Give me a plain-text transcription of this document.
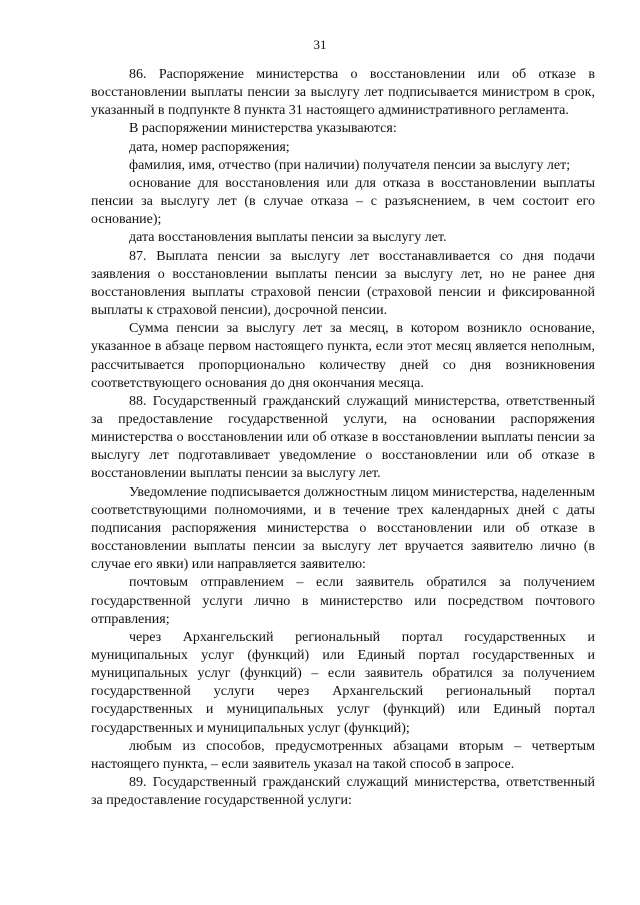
31

86. Распоряжение министерства о восстановлении или об отказе в восстановлении выплаты пенсии за выслугу лет подписывается министром в срок, указанный в подпункте 8 пункта 31 настоящего административного регламента.

В распоряжении министерства указываются:

дата, номер распоряжения;

фамилия, имя, отчество (при наличии) получателя пенсии за выслугу лет;

основание для восстановления или для отказа в восстановлении выплаты пенсии за выслугу лет (в случае отказа – с разъяснением, в чем состоит его основание);

дата восстановления выплаты пенсии за выслугу лет.

87. Выплата пенсии за выслугу лет восстанавливается со дня подачи заявления о восстановлении выплаты пенсии за выслугу лет, но не ранее дня восстановления выплаты страховой пенсии (страховой пенсии и фиксированной выплаты к страховой пенсии), досрочной пенсии.

Сумма пенсии за выслугу лет за месяц, в котором возникло основание, указанное в абзаце первом настоящего пункта, если этот месяц является неполным, рассчитывается пропорционально количеству дней со дня возникновения соответствующего основания до дня окончания месяца.

88. Государственный гражданский служащий министерства, ответственный за предоставление государственной услуги, на основании распоряжения министерства о восстановлении или об отказе в восстановлении выплаты пенсии за выслугу лет подготавливает уведомление о восстановлении или об отказе в восстановлении выплаты пенсии за выслугу лет.

Уведомление подписывается должностным лицом министерства, наделенным соответствующими полномочиями, и в течение трех календарных дней с даты подписания распоряжения министерства о восстановлении или об отказе в восстановлении выплаты пенсии за выслугу лет вручается заявителю лично (в случае его явки) или направляется заявителю:

почтовым отправлением – если заявитель обратился за получением государственной услуги лично в министерство или посредством почтового отправления;

через Архангельский региональный портал государственных и муниципальных услуг (функций) или Единый портал государственных и муниципальных услуг (функций) – если заявитель обратился за получением государственной услуги через Архангельский региональный портал государственных и муниципальных услуг (функций) или Единый портал государственных и муниципальных услуг (функций);

любым из способов, предусмотренных абзацами вторым – четвертым настоящего пункта, – если заявитель указал на такой способ в запросе.

89. Государственный гражданский служащий министерства, ответственный за предоставление государственной услуги:
